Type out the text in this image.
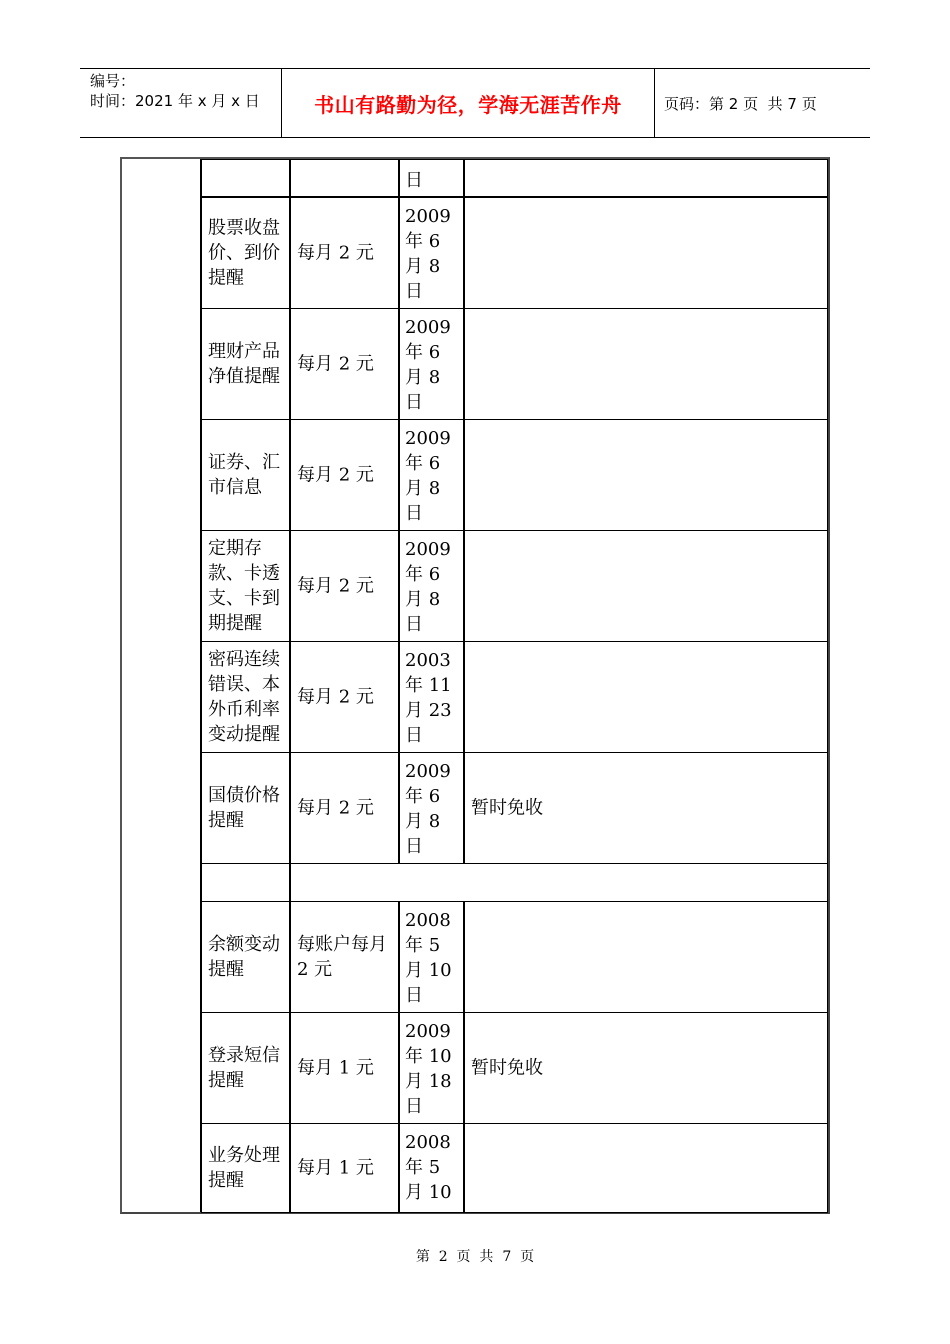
编号：
时间：2021 年 x 月 x 日	书山有路勤为径，学海无涯苦作舟	页码：第 2 页  共 7 页
日
股票收盘价、到价提醒
每月 2 元
2009
年 6
月 8
日
理财产品净值提醒
每月 2 元
2009
年 6
月 8
日
证券、汇市信息
每月 2 元
2009
年 6
月 8
日
定期存款、卡透支、卡到期提醒
每月 2 元
2009
年 6
月 8
日
密码连续错误、本外币利率变动提醒
每月 2 元
2003
年 11
月 23
日
国债价格提醒
每月 2 元
2009
年 6
月 8
日
暂时免收
余额变动提醒
每账户每月 2 元
2008
年 5
月 10
日
登录短信提醒
每月 1 元
2009
年 10
月 18
日
暂时免收
业务处理提醒
每月 1 元
2008
年 5
月 10
第  2  页  共  7  页
